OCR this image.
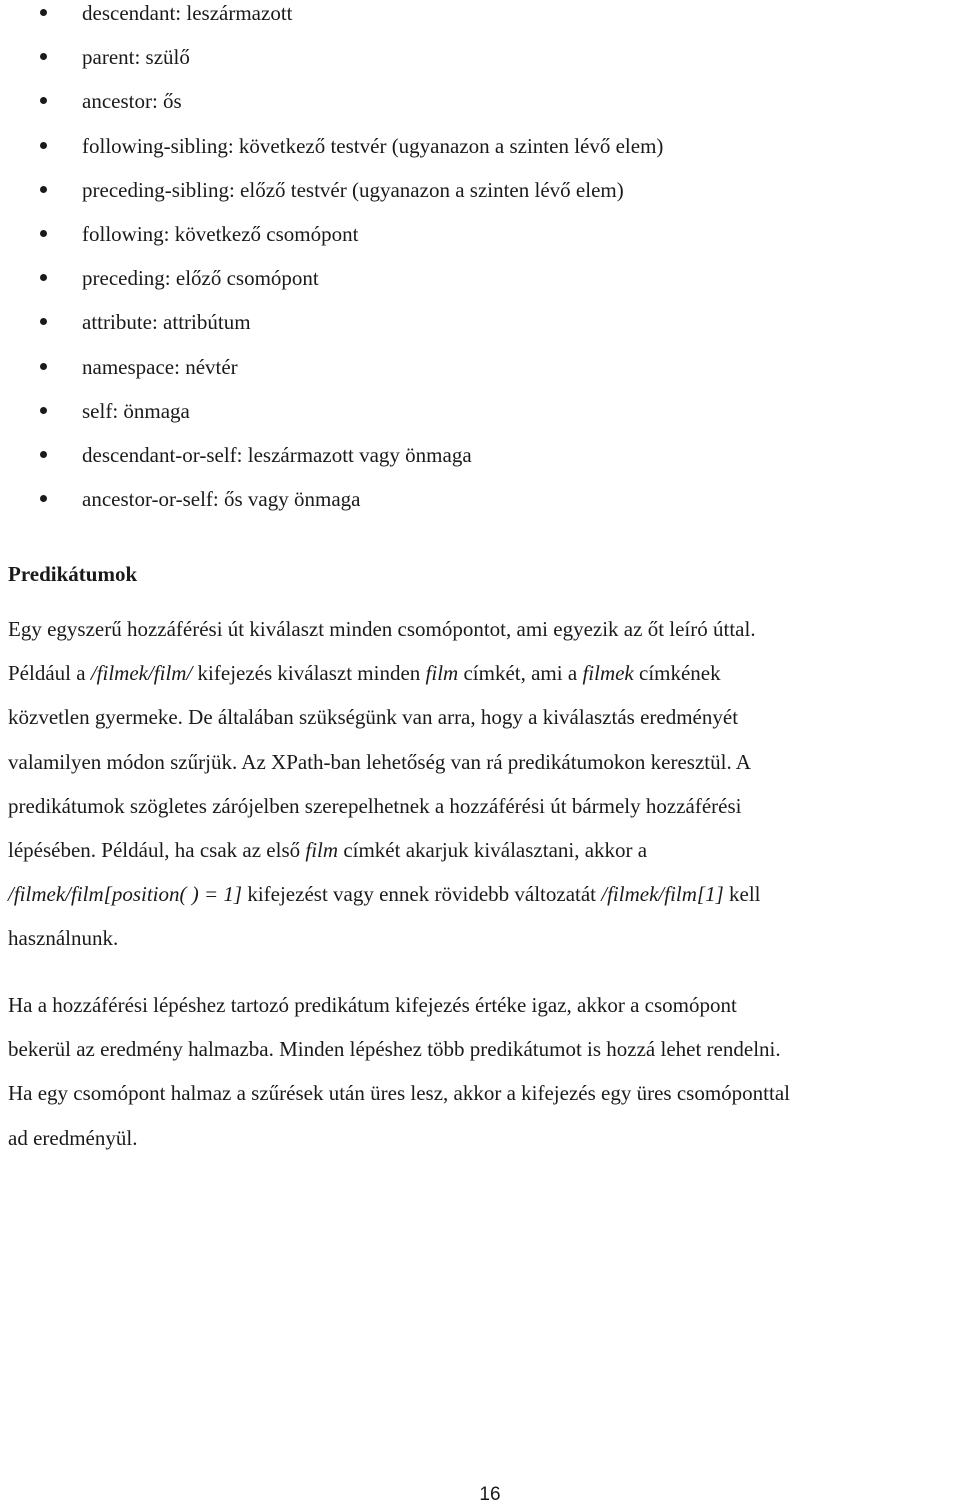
descendant: leszármazott
parent: szülő
ancestor: ős
following-sibling: következő testvér (ugyanazon a szinten lévő elem)
preceding-sibling: előző testvér (ugyanazon a szinten lévő elem)
following: következő csomópont
preceding: előző csomópont
attribute: attribútum
namespace: névtér
self: önmaga
descendant-or-self: leszármazott vagy önmaga
ancestor-or-self: ős vagy önmaga
Predikátumok
Egy egyszerű hozzáférési út kiválaszt minden csomópontot, ami egyezik az őt leíró úttal.
Például a /filmek/film/ kifejezés kiválaszt minden film címkét, ami a filmek címkének
közvetlen gyermeke. De általában szükségünk van arra, hogy a kiválasztás eredményét
valamilyen módon szűrjük. Az XPath-ban lehetőség van rá predikátumokon keresztül. A
predikátumok szögletes zárójelben szerepelhetnek a hozzáférési út bármely hozzáférési
lépésében. Például, ha csak az első film címkét akarjuk kiválasztani, akkor a
/filmek/film[position( ) = 1] kifejezést vagy ennek rövidebb változatát /filmek/film[1] kell
használnunk.
Ha a hozzáférési lépéshez tartozó predikátum kifejezés értéke igaz, akkor a csomópont
bekerül az eredmény halmazba. Minden lépéshez több predikátumot is hozzá lehet rendelni.
Ha egy csomópont halmaz a szűrések után üres lesz, akkor a kifejezés egy üres csomóponttal
ad eredményül.
16
